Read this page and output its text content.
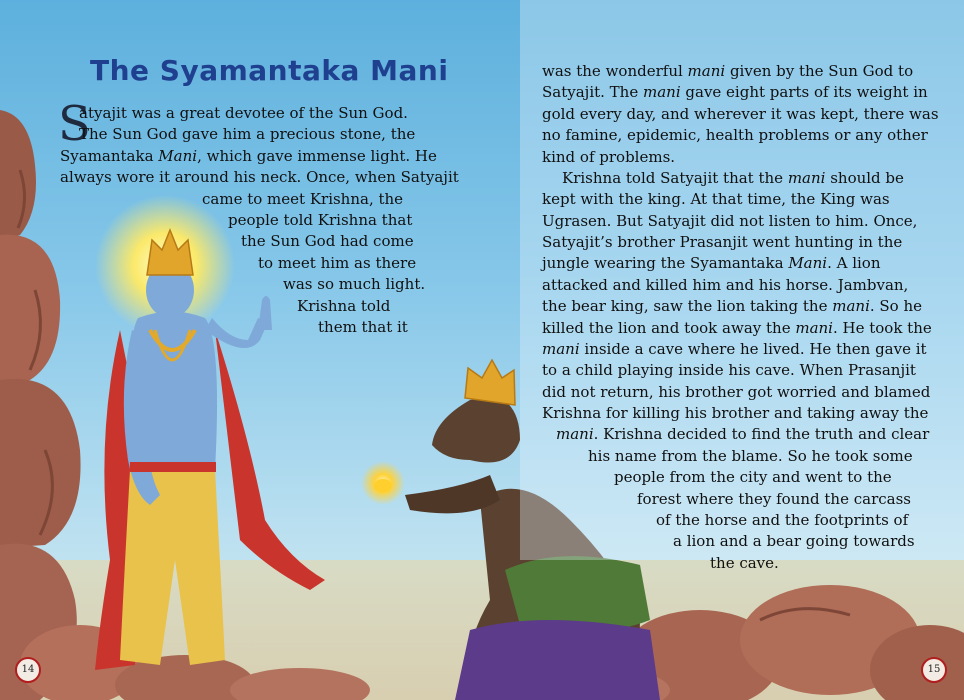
The Syamantaka Mani
S

atyajit was a great devotee of the Sun God.

The Sun God gave him a precious stone, the

Syamantaka Mani, which gave immense light. He

always wore it around his neck. Once, when Satyajit

came to meet Krishna, the

people told Krishna that

the Sun God had come

to meet him as there

was so much light.

Krishna told

them that it

was the wonderful mani given by the Sun God to

Satyajit. The mani gave eight parts of its weight in

gold every day, and wherever it was kept, there was

no famine, epidemic, health problems or any other

kind of problems.

Krishna told Satyajit that the mani should be

kept with the king. At that time, the King was

Ugrasen. But Satyajit did not listen to him. Once,

Satyajit’s brother Prasanjit went hunting in the

jungle wearing the Syamantaka Mani. A lion

attacked and killed him and his horse. Jambvan,

the bear king, saw the lion taking the mani. So he

killed the lion and took away the mani. He took the

mani inside a cave where he lived. He then gave it

to a child playing inside his cave. When Prasanjit

did not return, his brother got worried and blamed

Krishna for killing his brother and taking away the

mani. Krishna decided to find the truth and clear

his name from the blame. So he took some

people from the city and went to the

forest where they found the carcass

of the horse and the footprints of

a lion and a bear going towards

the cave.

14	15
